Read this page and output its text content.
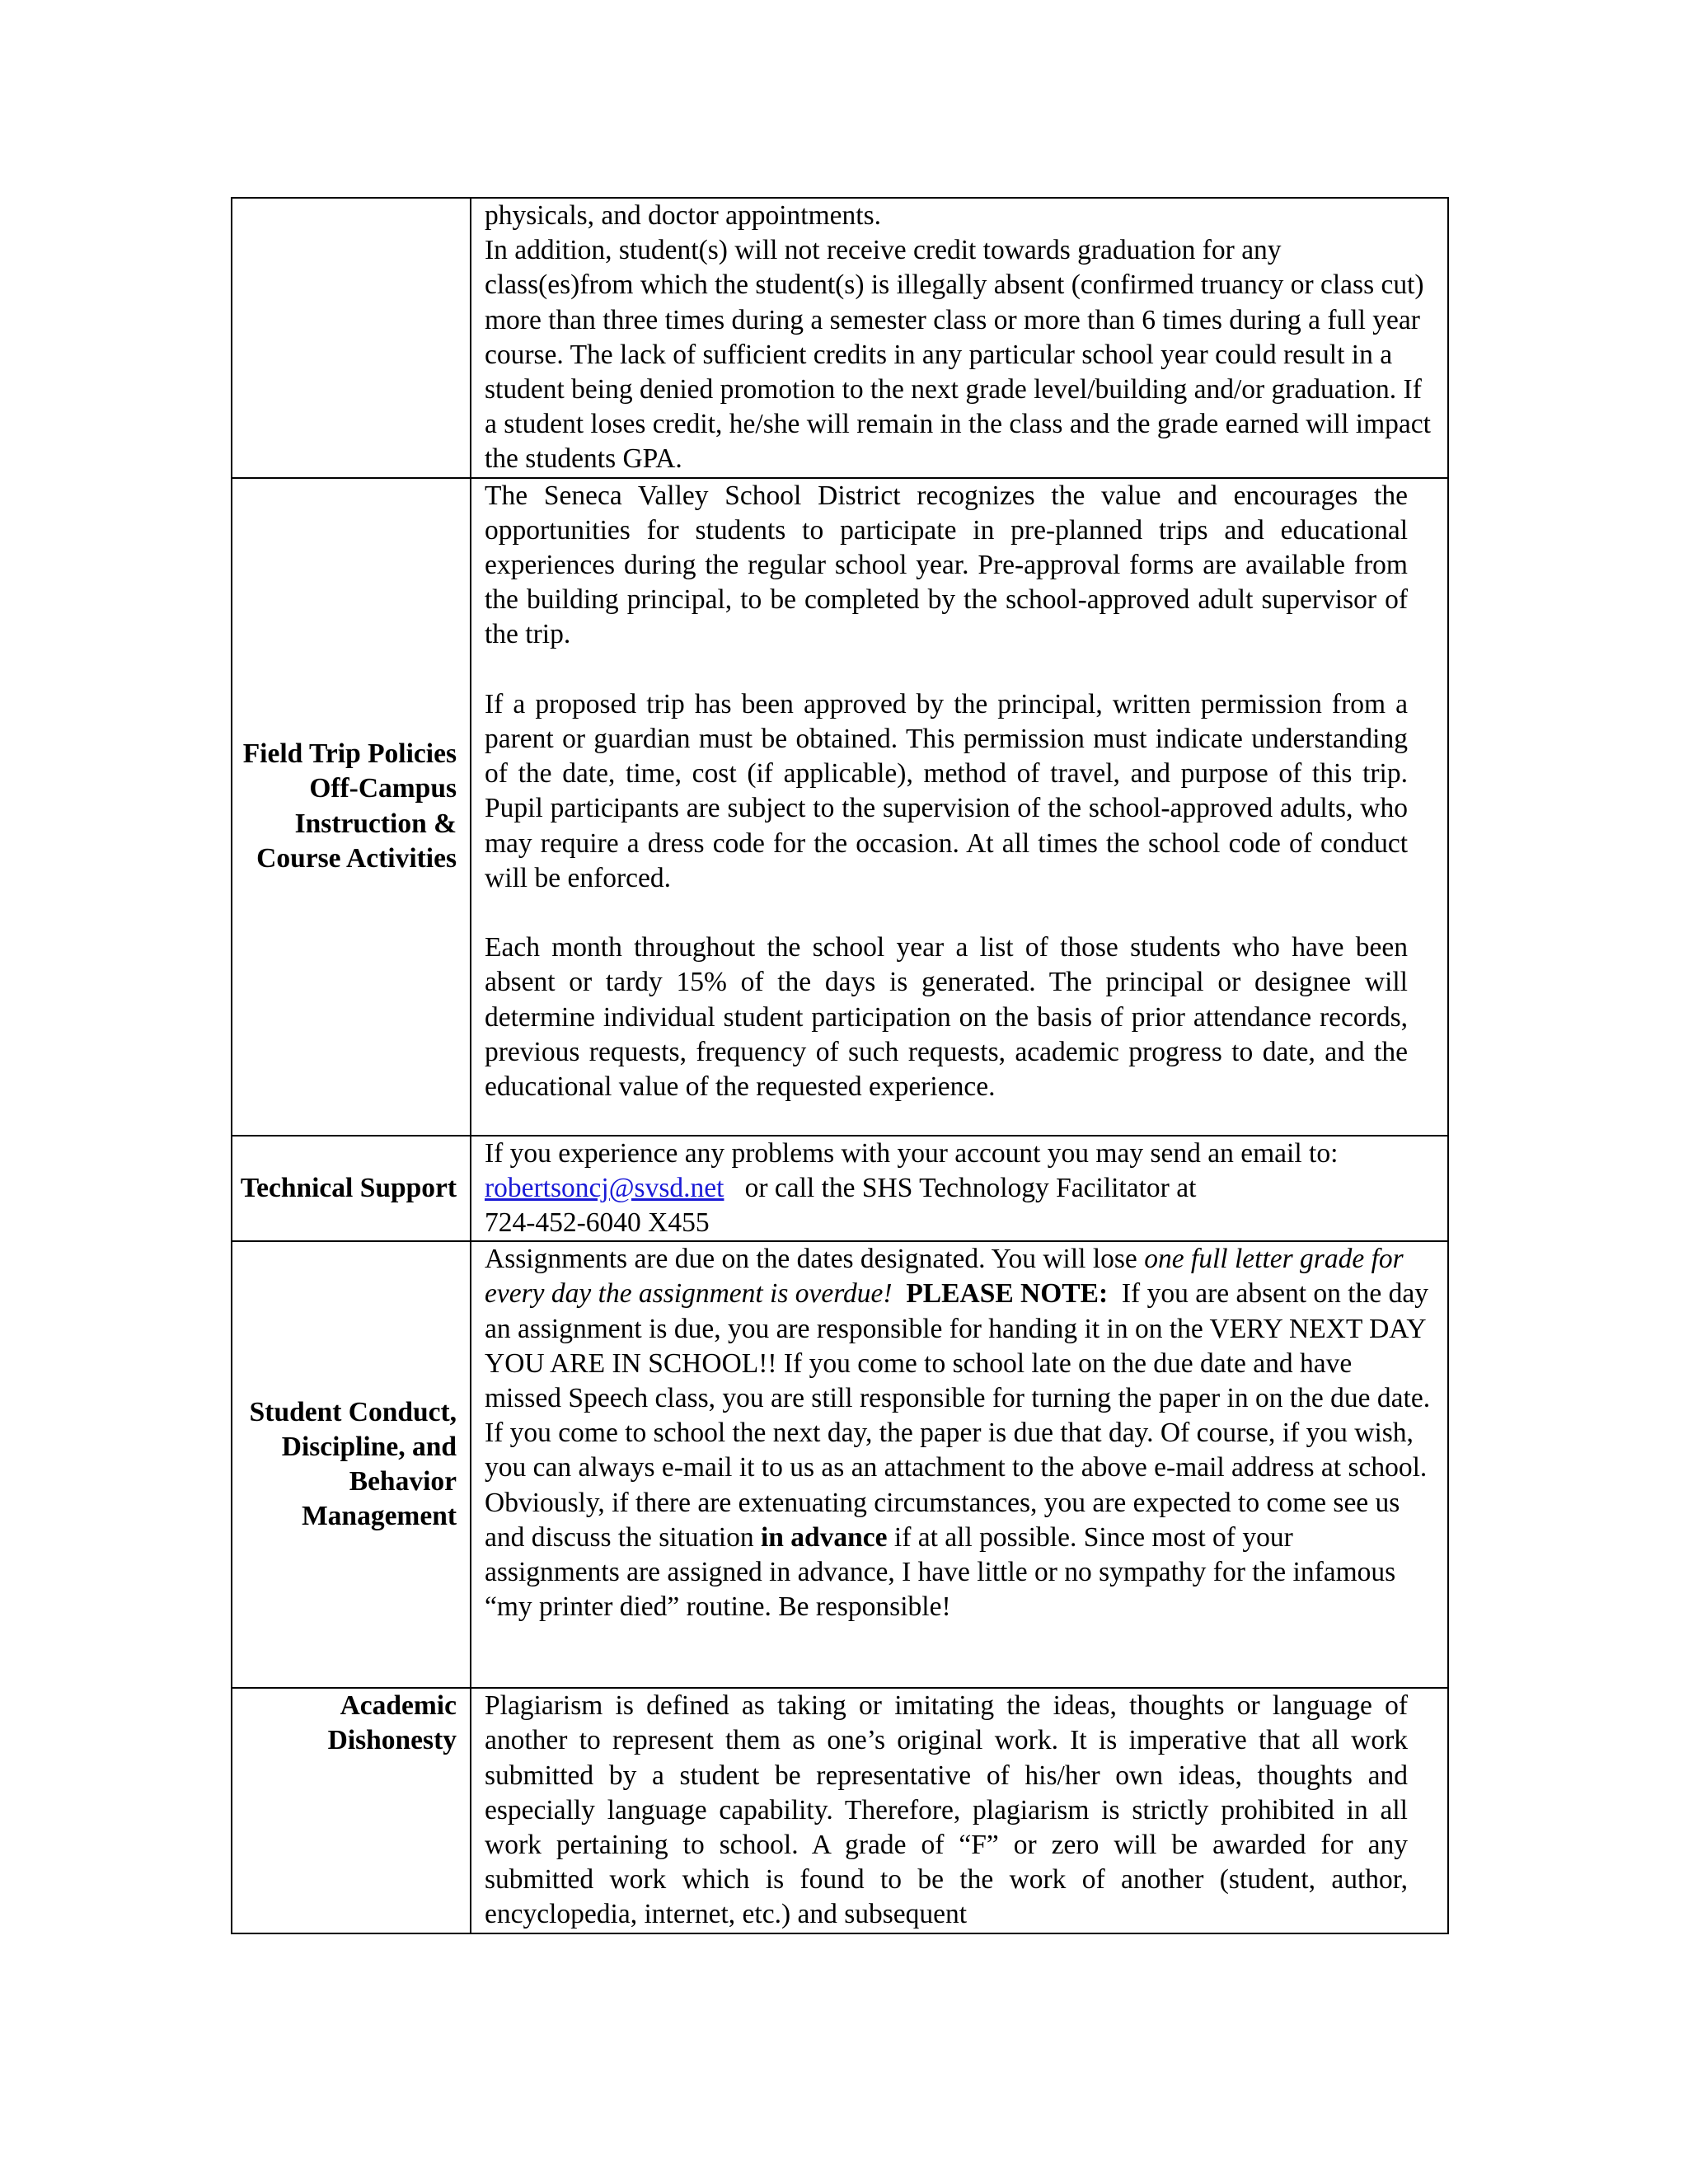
	physicals, and doctor appointments.

In addition, student(s) will not receive credit towards graduation for any class(es)from which the student(s) is illegally absent (confirmed truancy or class cut) more than three times during a semester class or more than 6 times during a full year course. The lack of sufficient credits in any particular school year could result in a student being denied promotion to the next grade level/building and/or graduation. If a student loses credit, he/she will remain in the class and the grade earned will impact the students GPA.

Field Trip Policies Off-Campus Instruction & Course Activities	The Seneca Valley School District recognizes the value and encourages the opportunities for students to participate in pre-planned trips and educational experiences during the regular school year. Pre-approval forms are available from the building principal, to be completed by the school-approved adult supervisor of the trip.

If a proposed trip has been approved by the principal, written permission from a parent or guardian must be obtained. This permission must indicate understanding of the date, time, cost (if applicable), method of travel, and purpose of this trip. Pupil participants are subject to the supervision of the school-approved adults, who may require a dress code for the occasion. At all times the school code of conduct will be enforced.

Each month throughout the school year a list of those students who have been absent or tardy 15% of the days is generated. The principal or designee will determine individual student participation on the basis of prior attendance records, previous requests, frequency of such requests, academic progress to date, and the educational value of the requested experience.

Technical Support	If you experience any problems with your account you may send an email to:

robertsoncj@svsd.net or call the SHS Technology Facilitator at

724-452-6040 X455

Student Conduct, Discipline, and Behavior Management	Assignments are due on the dates designated. You will lose one full letter grade for every day the assignment is overdue! PLEASE NOTE: If you are absent on the day an assignment is due, you are responsible for handing it in on the VERY NEXT DAY YOU ARE IN SCHOOL!! If you come to school late on the due date and have missed Speech class, you are still responsible for turning the paper in on the due date. If you come to school the next day, the paper is due that day. Of course, if you wish, you can always e-mail it to us as an attachment to the above e-mail address at school. Obviously, if there are extenuating circumstances, you are expected to come see us and discuss the situation in advance if at all possible. Since most of your assignments are assigned in advance, I have little or no sympathy for the infamous “my printer died” routine. Be responsible!

Academic Dishonesty	Plagiarism is defined as taking or imitating the ideas, thoughts or language of another to represent them as one’s original work. It is imperative that all work submitted by a student be representative of his/her own ideas, thoughts and especially language capability. Therefore, plagiarism is strictly prohibited in all work pertaining to school. A grade of “F” or zero will be awarded for any submitted work which is found to be the work of another (student, author, encyclopedia, internet, etc.) and subsequent
